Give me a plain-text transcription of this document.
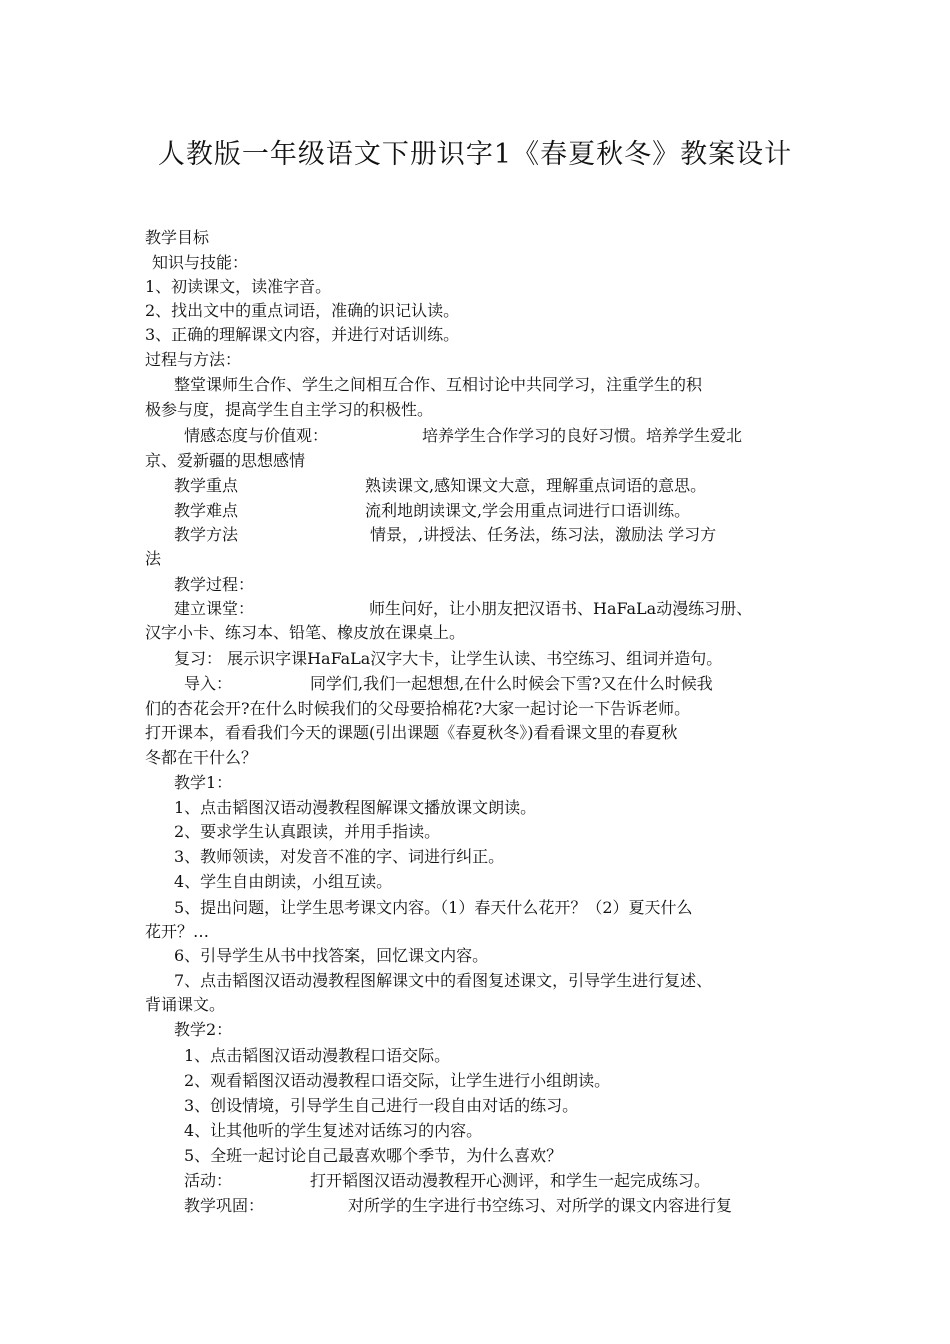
人教版一年级语文下册识字1《春夏秋冬》教案设计
教学目标
知识与技能：
1、初读课文，读准字音。
2、找出文中的重点词语，准确的识记认读。
3、正确的理解课文内容，并进行对话训练。
过程与方法：
整堂课师生合作、学生之间相互合作、互相讨论中共同学习，注重学生的积
极参与度，提高学生自主学习的积极性。
情感态度与价值观：	培养学生合作学习的良好习惯。培养学生爱北
京、爱新疆的思想感情
教学重点	熟读课文,感知课文大意，理解重点词语的意思。
教学难点	流利地朗读课文,学会用重点词进行口语训练。
教学方法	情景，,讲授法、任务法，练习法，激励法 学习方
法
教学过程：
建立课堂：	师生问好，让小朋友把汉语书、HaFaLa动漫练习册、
汉字小卡、练习本、铅笔、橡皮放在课桌上。
复习： 展示识字课HaFaLa汉字大卡，让学生认读、书空练习、组词并造句。
导入：	同学们,我们一起想想,在什么时候会下雪?又在什么时候我
们的杏花会开?在什么时候我们的父母要拾棉花?大家一起讨论一下告诉老师。
打开课本，看看我们今天的课题(引出课题《春夏秋冬》)看看课文里的春夏秋
冬都在干什么？
教学1：
1、点击韬图汉语动漫教程图解课文播放课文朗读。
2、要求学生认真跟读，并用手指读。
3、教师领读，对发音不准的字、词进行纠正。
4、学生自由朗读，小组互读。
5、提出问题，让学生思考课文内容。（1）春天什么花开？（2）夏天什么
花开？…
6、引导学生从书中找答案，回忆课文内容。
7、点击韬图汉语动漫教程图解课文中的看图复述课文，引导学生进行复述、
背诵课文。
教学2：
1、点击韬图汉语动漫教程口语交际。
2、观看韬图汉语动漫教程口语交际，让学生进行小组朗读。
3、创设情境，引导学生自己进行一段自由对话的练习。
4、让其他听的学生复述对话练习的内容。
5、全班一起讨论自己最喜欢哪个季节，为什么喜欢？
活动：	打开韬图汉语动漫教程开心测评，和学生一起完成练习。
教学巩固：	对所学的生字进行书空练习、对所学的课文内容进行复
